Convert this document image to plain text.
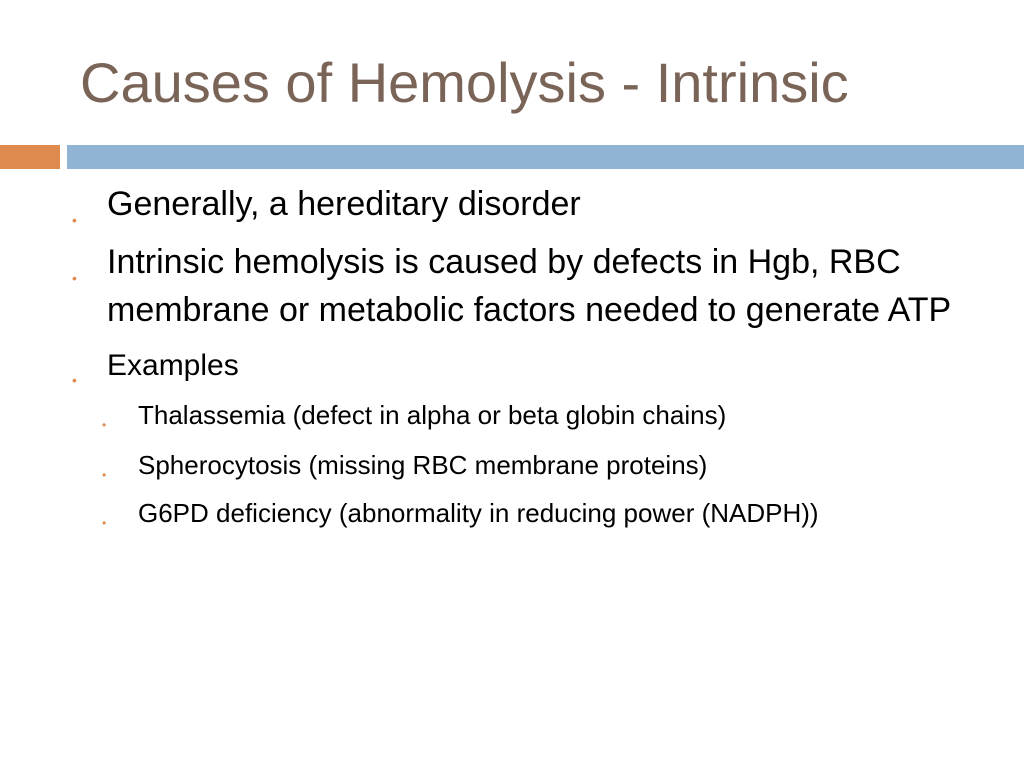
Causes of Hemolysis - Intrinsic
• Generally, a hereditary disorder
• Intrinsic hemolysis is caused by defects in Hgb, RBC membrane or metabolic factors needed to generate ATP
• Examples
• Thalassemia (defect in alpha or beta globin chains)
• Spherocytosis (missing RBC membrane proteins)
• G6PD deficiency (abnormality in reducing power (NADPH))
